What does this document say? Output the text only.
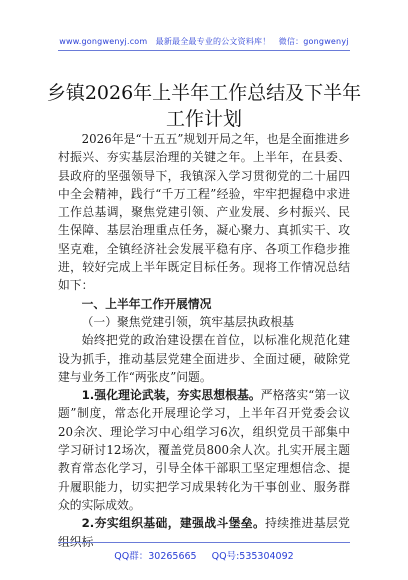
www.gongwenyj.com 最新最全最专业的公文资料库！ 微信：gongwenyj
乡镇2026年上半年工作总结及下半年工作计划

2026年是“十五五”规划开局之年，也是全面推进乡村振兴、夯实基层治理的关键之年。上半年，在县委、县政府的坚强领导下，我镇深入学习贯彻党的二十届四中全会精神，践行“千万工程”经验，牢牢把握稳中求进工作总基调，聚焦党建引领、产业发展、乡村振兴、民生保障、基层治理重点任务，凝心聚力、真抓实干、攻坚克难，全镇经济社会发展平稳有序、各项工作稳步推进，较好完成上半年既定目标任务。现将工作情况总结如下：

一、上半年工作开展情况

（一）聚焦党建引领，筑牢基层执政根基

始终把党的政治建设摆在首位，以标准化规范化建设为抓手，推动基层党建全面进步、全面过硬，破除党建与业务工作“两张皮”问题。

1.强化理论武装，夯实思想根基。严格落实“第一议题”制度，常态化开展理论学习，上半年召开党委会议20余次、理论学习中心组学习6次，组织党员干部集中学习研讨12场次，覆盖党员800余人次。扎实开展主题教育常态化学习，引导全体干部职工坚定理想信念、提升履职能力，切实把学习成果转化为干事创业、服务群众的实际成效。

2.夯实组织基础，建强战斗堡垒。持续推进基层党组织标

QQ群：30265665 QQ号:535304092
